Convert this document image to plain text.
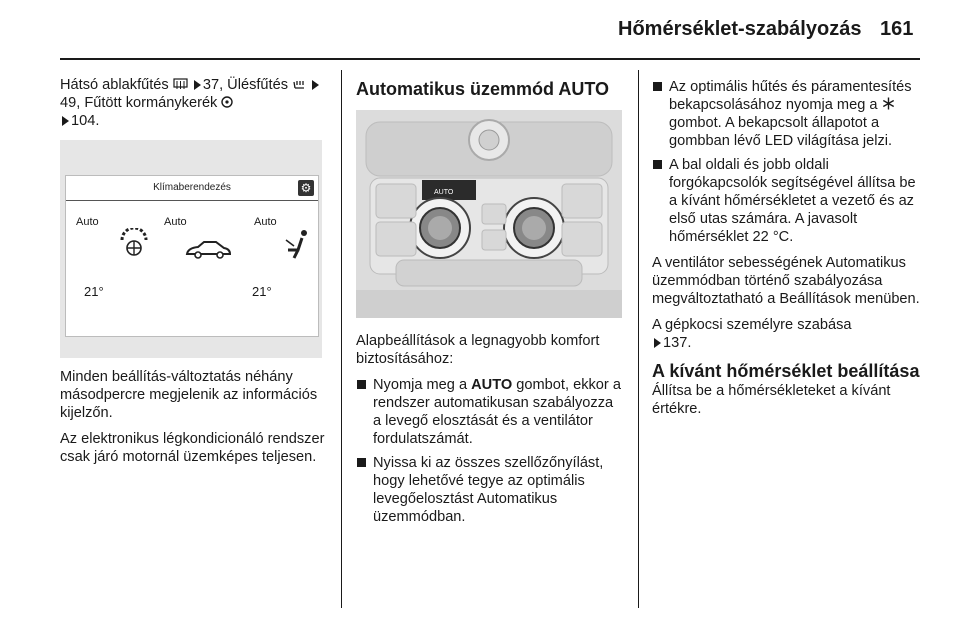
Hőmérséklet-szabályozás 161

Hátsó ablakfűtés 37, Ülésfűtés  49, Fűtött kormánykerék
104.

Klímaberendezés	⚙
Auto	Auto	Auto
21°	21°

Minden beállítás-változtatás néhány másodpercre megjelenik az információs kijelzőn.

Az elektronikus légkondicionáló rendszer csak járó motornál üzemképes teljesen.

Automatikus üzemmód AUTO
AUTO

Alapbeállítások a legnagyobb komfort biztosításához:

Nyomja meg a AUTO gombot, ekkor a rendszer automatikusan szabályozza a levegő elosztását és a ventilátor fordulatszámát.
Nyissa ki az összes szellőzőnyílást, hogy lehetővé tegye az optimális levegőelosztást Automatikus üzemmódban.
Az optimális hűtés és páramentesítés bekapcsolásához nyomja meg a  gombot. A bekapcsolt állapotot a gombban lévő LED világítása jelzi.
A bal oldali és jobb oldali forgókapcsolók segítségével állítsa be a kívánt hőmérsékletet a vezető és az első utas számára. A javasolt hőmérséklet 22 °C.

A ventilátor sebességének Automatikus üzemmódban történő szabályozása megváltoztatható a Beállítások menüben.

A gépkocsi személyre szabása
137.

A kívánt hőmérséklet beállítása

Állítsa be a hőmérsékleteket a kívánt értékre.
